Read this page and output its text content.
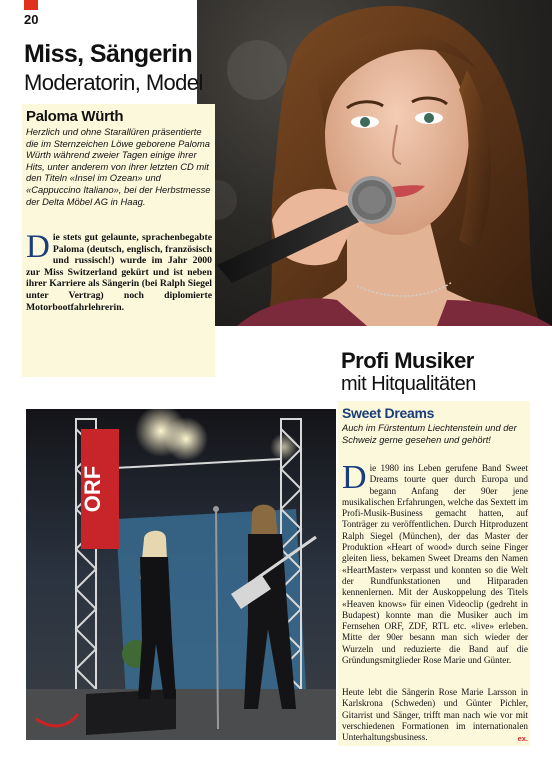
20
Miss, Sängerin
Moderatorin, Model
Paloma Würth
Herzlich und ohne Starallüren präsentierte die im Sternzeichen Löwe geborene Paloma Würth während zweier Tagen einige ihrer Hits, unter anderem von ihrer letzten CD mit den Titeln «Insel im Ozean» und «Cappuccino Italiano», bei der Herbstmesse der Delta Möbel AG in Haag.
Die stets gut gelaunte, sprachenbegabte Paloma (deutsch, englisch, französisch und russisch!) wurde im Jahr 2000 zur Miss Switzerland gekürt und ist neben ihrer Karriere als Sängerin (bei Ralph Siegel unter Vertrag) noch diplomierte Motorbootfahrlehrerin.

Profi Musiker
mit Hitqualitäten
ORF
Sweet Dreams
Auch im Fürstentum Liechtenstein und der Schweiz gerne gesehen und gehört!
Die 1980 ins Leben gerufene Band Sweet Dreams tourte quer durch Europa und begann Anfang der 90er jene musikalischen Erfahrungen, welche das Sextett im Profi-Musik-Business gemacht hatten, auf Tonträger zu veröffentlichen. Durch Hitproduzent Ralph Siegel (München), der das Master der Produktion «Heart of wood» durch seine Finger gleiten liess, bekamen Sweet Dreams den Namen «HeartMaster» verpasst und konnten so die Welt der Rundfunkstationen und Hitparaden kennenlernen. Mit der Auskoppelung des Titels «Heaven knows» für einen Videoclip (gedreht in Budapest) konnte man die Musiker auch im Fernsehen ORF, ZDF, RTL etc. «live» erleben. Mitte der 90er besann man sich wieder der Wurzeln und reduzierte die Band auf die Gründungsmitglieder Rose Marie und Günter.
Heute lebt die Sängerin Rose Marie Larsson in Karlskrona (Schweden) und Günter Pichler, Gitarrist und Sänger, trifft man nach wie vor mit verschiedenen Formationen im internationalen Unterhaltungsbusiness.	ex.
